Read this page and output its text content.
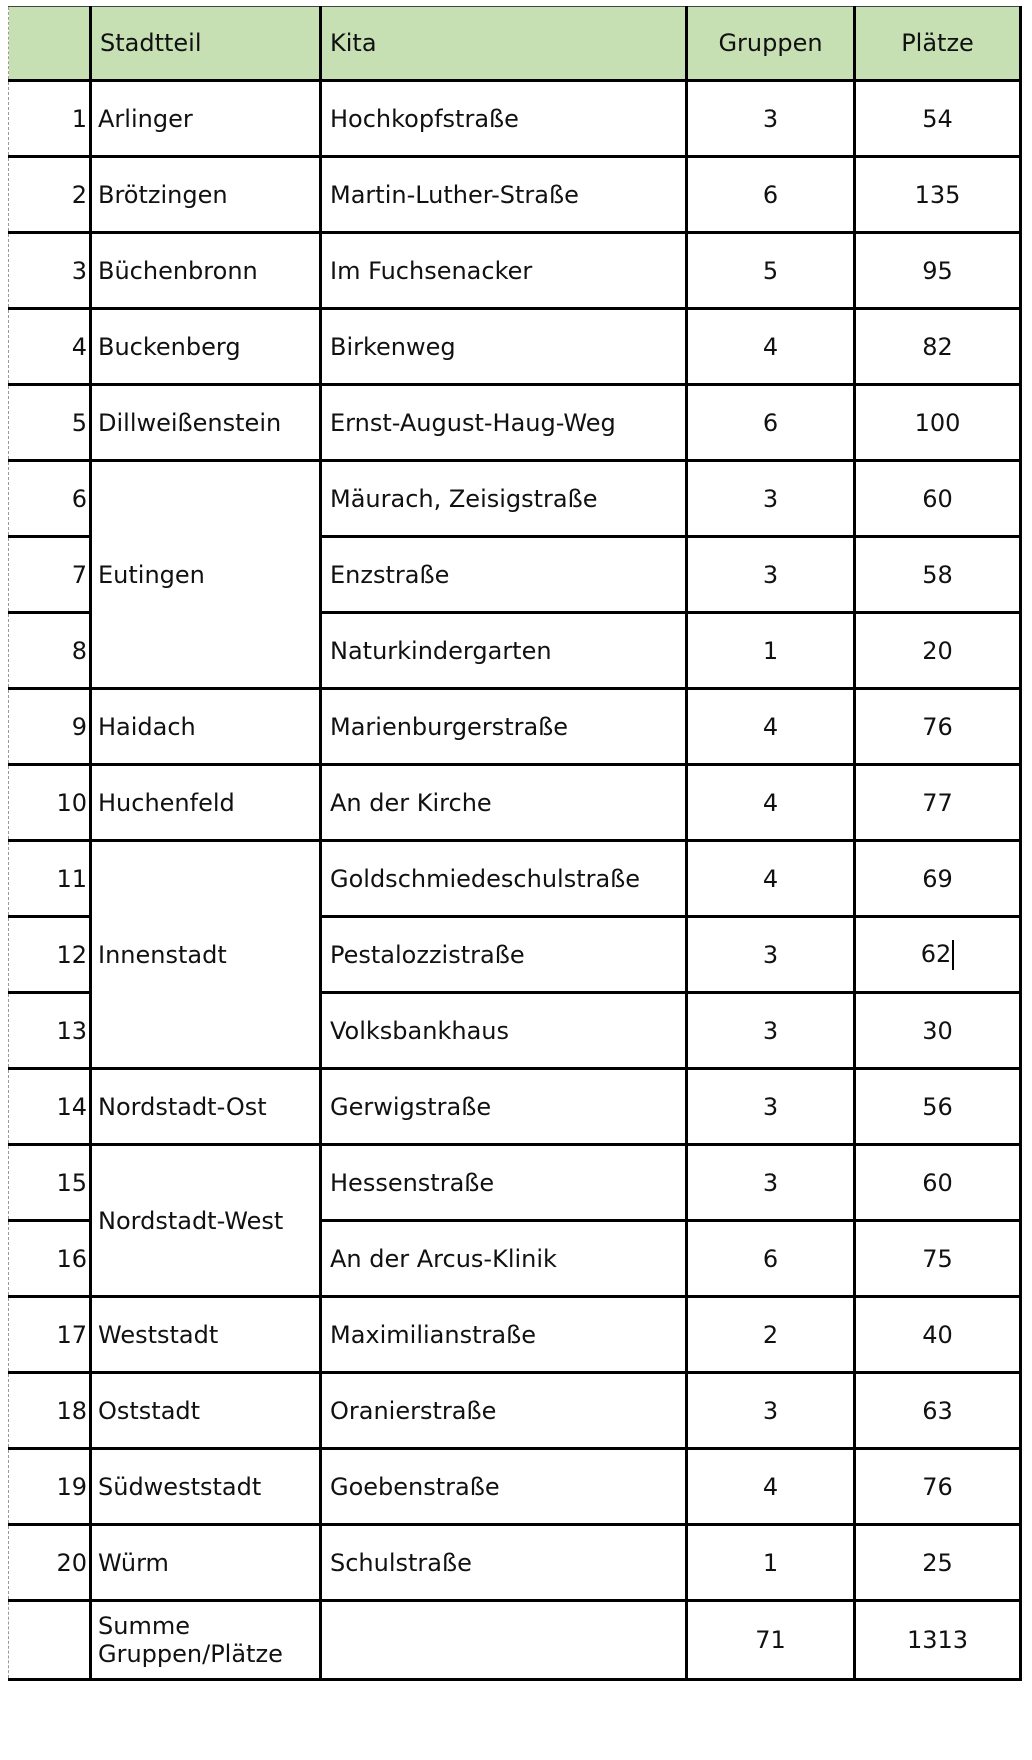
	Stadtteil	Kita	Gruppen	Plätze
1	Arlinger	Hochkopfstraße	3	54
2	Brötzingen	Martin-Luther-Straße	6	135
3	Büchenbronn	Im Fuchsenacker	5	95
4	Buckenberg	Birkenweg	4	82
5	Dillweißenstein	Ernst-August-Haug-Weg	6	100
6	Eutingen	Mäurach, Zeisigstraße	3	60
7		Enzstraße	3	58
8		Naturkindergarten	1	20
9	Haidach	Marienburgerstraße	4	76
10	Huchenfeld	An der Kirche	4	77
11	Innenstadt	Goldschmiedeschulstraße	4	69
12		Pestalozzistraße	3	62
13		Volksbankhaus	3	30
14	Nordstadt-Ost	Gerwigstraße	3	56
15	Nordstadt-West	Hessenstraße	3	60
16		An der Arcus-Klinik	6	75
17	Weststadt	Maximilianstraße	2	40
18	Oststadt	Oranierstraße	3	63
19	Südweststadt	Goebenstraße	4	76
20	Würm	Schulstraße	1	25
	Summe Gruppen/Plätze		71	1313
